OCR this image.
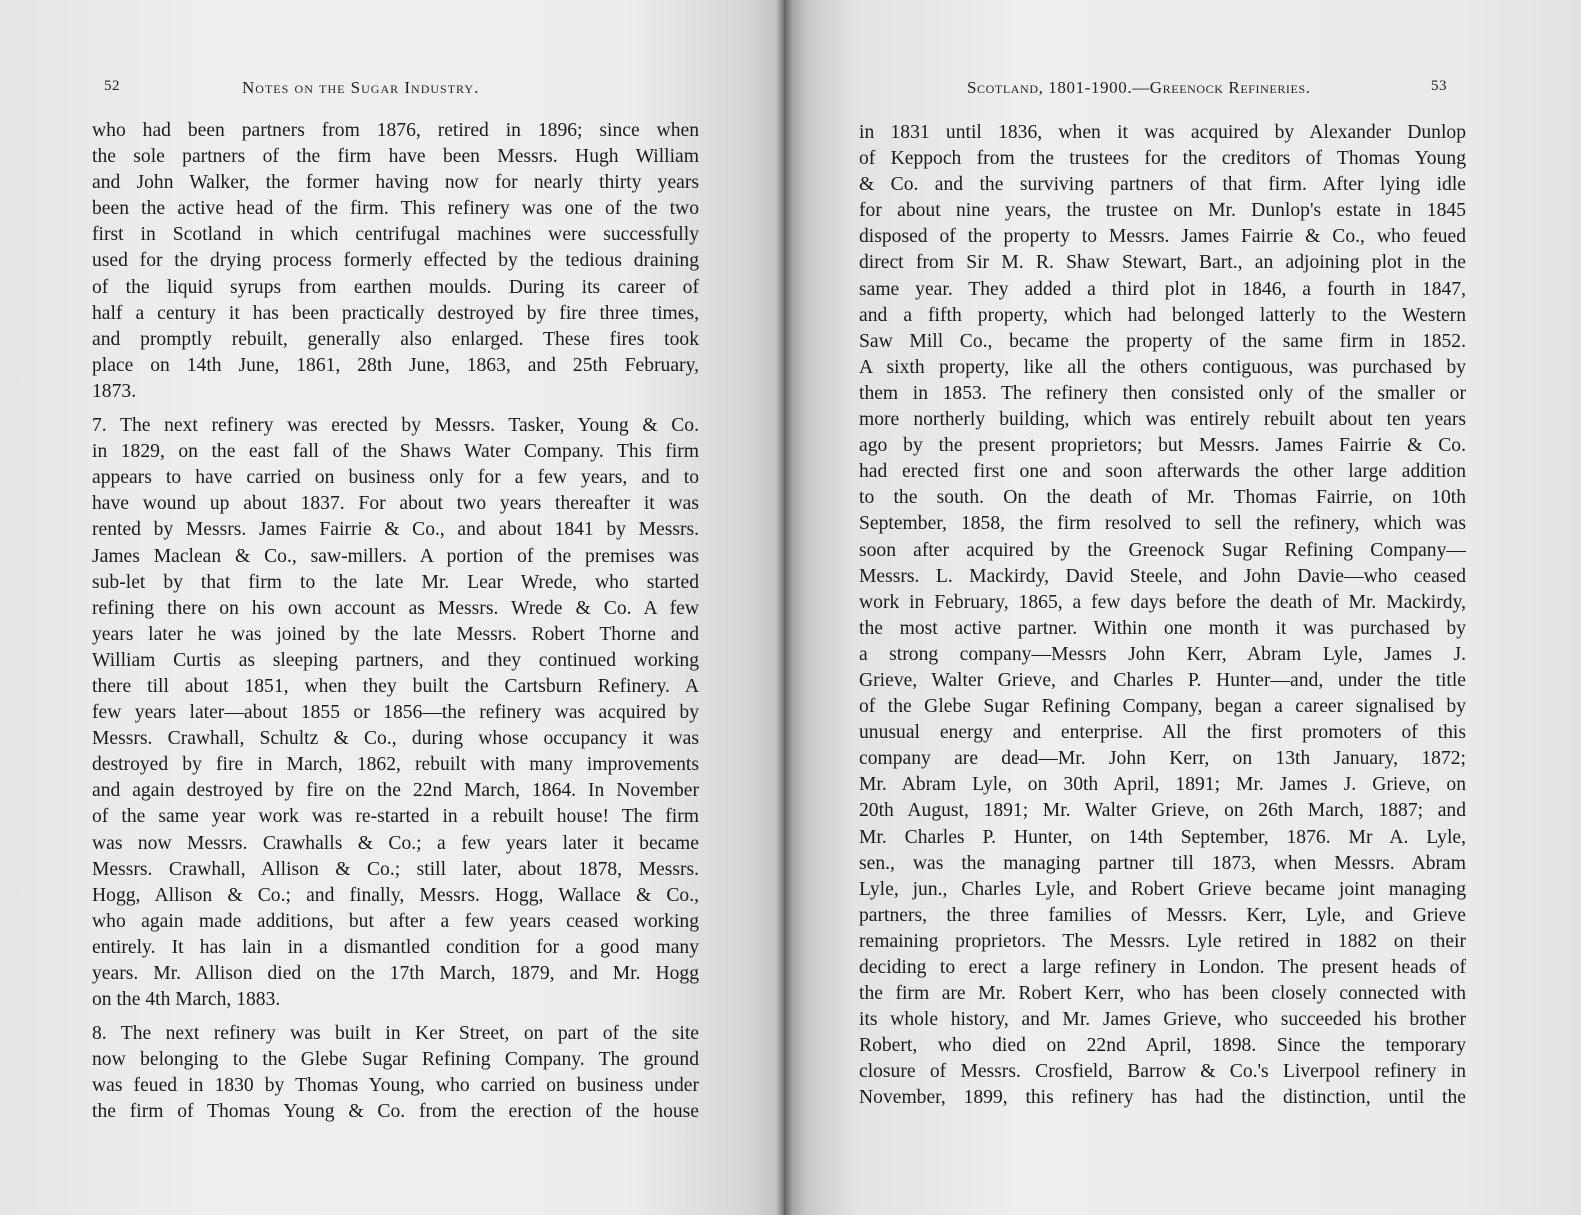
52	Notes on the Sugar Industry.
who had been partners from 1876, retired in 1896; since when
the sole partners of the firm have been Messrs. Hugh William
and John Walker, the former having now for nearly thirty years
been the active head of the firm. This refinery was one of the two
first in Scotland in which centrifugal machines were successfully
used for the drying process formerly effected by the tedious draining
of the liquid syrups from earthen moulds. During its career of
half a century it has been practically destroyed by fire three times,
and promptly rebuilt, generally also enlarged. These fires took
place on 14th June, 1861, 28th June, 1863, and 25th February,
1873.
7. The next refinery was erected by Messrs. Tasker, Young & Co.
in 1829, on the east fall of the Shaws Water Company. This firm
appears to have carried on business only for a few years, and to
have wound up about 1837. For about two years thereafter it was
rented by Messrs. James Fairrie & Co., and about 1841 by Messrs.
James Maclean & Co., saw-millers. A portion of the premises was
sub-let by that firm to the late Mr. Lear Wrede, who started
refining there on his own account as Messrs. Wrede & Co. A few
years later he was joined by the late Messrs. Robert Thorne and
William Curtis as sleeping partners, and they continued working
there till about 1851, when they built the Cartsburn Refinery. A
few years later—about 1855 or 1856—the refinery was acquired by
Messrs. Crawhall, Schultz & Co., during whose occupancy it was
destroyed by fire in March, 1862, rebuilt with many improvements
and again destroyed by fire on the 22nd March, 1864. In November
of the same year work was re-started in a rebuilt house! The firm
was now Messrs. Crawhalls & Co.; a few years later it became
Messrs. Crawhall, Allison & Co.; still later, about 1878, Messrs.
Hogg, Allison & Co.; and finally, Messrs. Hogg, Wallace & Co.,
who again made additions, but after a few years ceased working
entirely. It has lain in a dismantled condition for a good many
years. Mr. Allison died on the 17th March, 1879, and Mr. Hogg
on the 4th March, 1883.
8. The next refinery was built in Ker Street, on part of the site
now belonging to the Glebe Sugar Refining Company. The ground
was feued in 1830 by Thomas Young, who carried on business under
the firm of Thomas Young & Co. from the erection of the house
Scotland, 1801-1900.—Greenock Refineries.	53
in 1831 until 1836, when it was acquired by Alexander Dunlop
of Keppoch from the trustees for the creditors of Thomas Young
& Co. and the surviving partners of that firm. After lying idle
for about nine years, the trustee on Mr. Dunlop's estate in 1845
disposed of the property to Messrs. James Fairrie & Co., who feued
direct from Sir M. R. Shaw Stewart, Bart., an adjoining plot in the
same year. They added a third plot in 1846, a fourth in 1847,
and a fifth property, which had belonged latterly to the Western
Saw Mill Co., became the property of the same firm in 1852.
A sixth property, like all the others contiguous, was purchased by
them in 1853. The refinery then consisted only of the smaller or
more northerly building, which was entirely rebuilt about ten years
ago by the present proprietors; but Messrs. James Fairrie & Co.
had erected first one and soon afterwards the other large addition
to the south. On the death of Mr. Thomas Fairrie, on 10th
September, 1858, the firm resolved to sell the refinery, which was
soon after acquired by the Greenock Sugar Refining Company—
Messrs. L. Mackirdy, David Steele, and John Davie—who ceased
work in February, 1865, a few days before the death of Mr. Mackirdy,
the most active partner. Within one month it was purchased by
a strong company—Messrs John Kerr, Abram Lyle, James J.
Grieve, Walter Grieve, and Charles P. Hunter—and, under the title
of the Glebe Sugar Refining Company, began a career signalised by
unusual energy and enterprise. All the first promoters of this
company are dead—Mr. John Kerr, on 13th January, 1872;
Mr. Abram Lyle, on 30th April, 1891; Mr. James J. Grieve, on
20th August, 1891; Mr. Walter Grieve, on 26th March, 1887; and
Mr. Charles P. Hunter, on 14th September, 1876. Mr A. Lyle,
sen., was the managing partner till 1873, when Messrs. Abram
Lyle, jun., Charles Lyle, and Robert Grieve became joint managing
partners, the three families of Messrs. Kerr, Lyle, and Grieve
remaining proprietors. The Messrs. Lyle retired in 1882 on their
deciding to erect a large refinery in London. The present heads of
the firm are Mr. Robert Kerr, who has been closely connected with
its whole history, and Mr. James Grieve, who succeeded his brother
Robert, who died on 22nd April, 1898. Since the temporary
closure of Messrs. Crosfield, Barrow & Co.'s Liverpool refinery in
November, 1899, this refinery has had the distinction, until the
